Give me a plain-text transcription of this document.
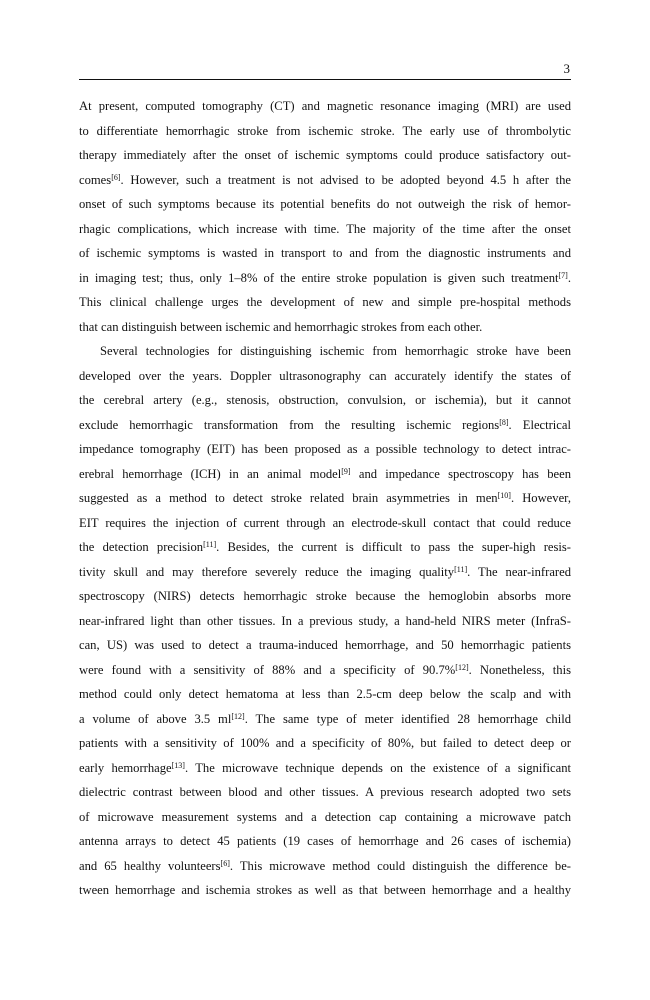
3
At present, computed tomography (CT) and magnetic resonance imaging (MRI) are used
to differentiate hemorrhagic stroke from ischemic stroke. The early use of thrombolytic
therapy immediately after the onset of ischemic symptoms could produce satisfactory out-
comes[6]. However, such a treatment is not advised to be adopted beyond 4.5 h after the
onset of such symptoms because its potential benefits do not outweigh the risk of hemor-
rhagic complications, which increase with time. The majority of the time after the onset
of ischemic symptoms is wasted in transport to and from the diagnostic instruments and
in imaging test; thus, only 1–8% of the entire stroke population is given such treatment[7].
This clinical challenge urges the development of new and simple pre-hospital methods
that can distinguish between ischemic and hemorrhagic strokes from each other.
Several technologies for distinguishing ischemic from hemorrhagic stroke have been
developed over the years. Doppler ultrasonography can accurately identify the states of
the cerebral artery (e.g., stenosis, obstruction, convulsion, or ischemia), but it cannot
exclude hemorrhagic transformation from the resulting ischemic regions[8]. Electrical
impedance tomography (EIT) has been proposed as a possible technology to detect intrac-
erebral hemorrhage (ICH) in an animal model[9] and impedance spectroscopy has been
suggested as a method to detect stroke related brain asymmetries in men[10]. However,
EIT requires the injection of current through an electrode-skull contact that could reduce
the detection precision[11]. Besides, the current is difficult to pass the super-high resis-
tivity skull and may therefore severely reduce the imaging quality[11]. The near-infrared
spectroscopy (NIRS) detects hemorrhagic stroke because the hemoglobin absorbs more
near-infrared light than other tissues. In a previous study, a hand-held NIRS meter (InfraS-
can, US) was used to detect a trauma-induced hemorrhage, and 50 hemorrhagic patients
were found with a sensitivity of 88% and a specificity of 90.7%[12]. Nonetheless, this
method could only detect hematoma at less than 2.5-cm deep below the scalp and with
a volume of above 3.5 ml[12]. The same type of meter identified 28 hemorrhage child
patients with a sensitivity of 100% and a specificity of 80%, but failed to detect deep or
early hemorrhage[13]. The microwave technique depends on the existence of a significant
dielectric contrast between blood and other tissues. A previous research adopted two sets
of microwave measurement systems and a detection cap containing a microwave patch
antenna arrays to detect 45 patients (19 cases of hemorrhage and 26 cases of ischemia)
and 65 healthy volunteers[6]. This microwave method could distinguish the difference be-
tween hemorrhage and ischemia strokes as well as that between hemorrhage and a healthy
